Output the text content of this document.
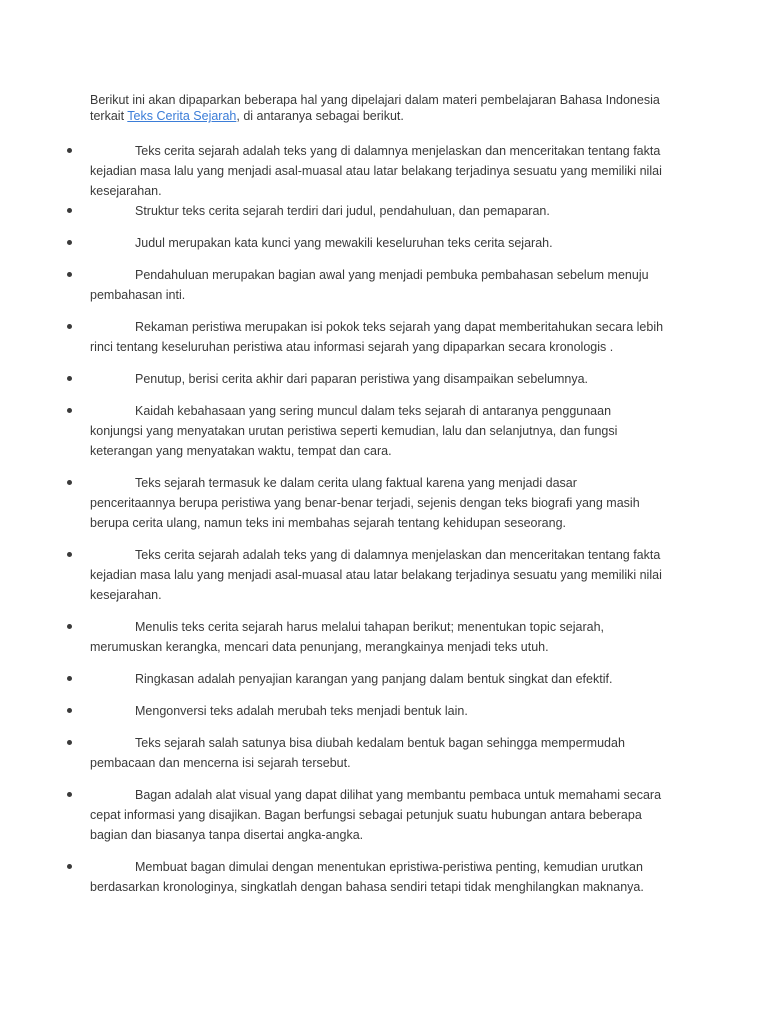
Berikut ini akan dipaparkan beberapa hal yang dipelajari dalam materi pembelajaran Bahasa Indonesia terkait Teks Cerita Sejarah, di antaranya sebagai berikut.

Teks cerita sejarah adalah teks yang di dalamnya menjelaskan dan menceritakan tentang fakta kejadian masa lalu yang menjadi asal-muasal atau latar belakang terjadinya sesuatu yang memiliki nilai kesejarahan.
Struktur teks cerita sejarah terdiri dari judul, pendahuluan, dan pemaparan.
Judul merupakan kata kunci yang mewakili keseluruhan teks cerita sejarah.
Pendahuluan merupakan bagian awal yang menjadi pembuka pembahasan sebelum menuju pembahasan inti.
Rekaman peristiwa merupakan isi pokok teks sejarah yang dapat memberitahukan secara lebih rinci tentang keseluruhan peristiwa atau informasi sejarah yang dipaparkan secara kronologis .
Penutup, berisi cerita akhir dari paparan peristiwa yang disampaikan sebelumnya.
Kaidah kebahasaan yang sering muncul dalam teks sejarah di antaranya penggunaan konjungsi yang menyatakan urutan peristiwa seperti kemudian, lalu dan selanjutnya, dan fungsi keterangan yang menyatakan waktu, tempat dan cara.
Teks sejarah termasuk ke dalam cerita ulang faktual karena yang menjadi dasar penceritaannya berupa peristiwa yang benar-benar terjadi, sejenis dengan teks biografi yang masih berupa cerita ulang, namun teks ini membahas sejarah tentang kehidupan seseorang.
Teks cerita sejarah adalah teks yang di dalamnya menjelaskan dan menceritakan tentang fakta kejadian masa lalu yang menjadi asal-muasal atau latar belakang terjadinya sesuatu yang memiliki nilai kesejarahan.
Menulis teks cerita sejarah harus melalui tahapan berikut; menentukan topic sejarah, merumuskan kerangka, mencari data penunjang, merangkainya menjadi teks utuh.
Ringkasan adalah penyajian karangan yang panjang dalam bentuk singkat dan efektif.
Mengonversi teks adalah merubah teks menjadi bentuk lain.
Teks sejarah salah satunya bisa diubah kedalam bentuk bagan sehingga mempermudah pembacaan dan mencerna isi sejarah tersebut.
Bagan adalah alat visual yang dapat dilihat yang membantu pembaca untuk memahami secara cepat informasi yang disajikan. Bagan berfungsi sebagai petunjuk suatu hubungan antara beberapa bagian dan biasanya tanpa disertai angka-angka.
Membuat bagan dimulai dengan menentukan epristiwa-peristiwa penting, kemudian urutkan berdasarkan kronologinya, singkatlah dengan bahasa sendiri tetapi tidak menghilangkan maknanya.
